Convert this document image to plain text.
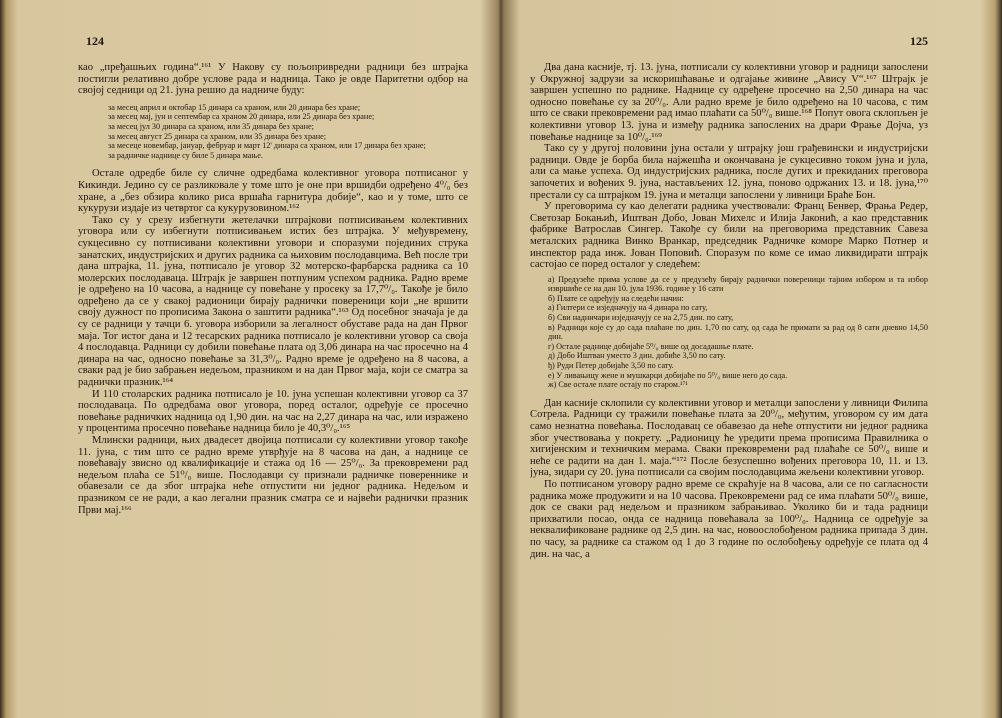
124

као „пређашњих година“.¹⁶¹ У Накову су пољопривредни радници без штрајка постигли релативно добре услове рада и надница. Тако је овде Паритетни одбор на својој седници од 21. јуна решио да надниче буду:

за месец април и октобар 15 динара са храном, или 20 динара без хране;

за месец мај, јун и септембар са храном 20 динара, или 25 динара без хране;

за месец јул 30 динара са храном, или 35 динара без хране;

за месец август 25 динара са храном, или 35 динара без хране;

за месеце новембар, јануар, фебруар и март 12' динара са храном, или 17 динара без хране;

за радничке наднице су биле 5 динара мање.

Остале одредбе биле су сличне одредбама колективног уговора потписаног у Кикинди. Једино су се разликовале у томе што је оне при вршидби одређено 4⁰/₀ без хране, а „без обзира колико риса вршаћа гарнитура добије“, као и у томе, што се кукурузи издаје из четвртог са кукурузовином.¹⁶²

Тако су у срезу избегнути жетелачки штрајкови потписивањем колективних уговора или су избегнути потписивањем истих без штрајка. У међувремену, сукцесивно су потписивани колективни уговори и споразуми појединих струка занатских, индустријских и других радника са њиховим послодавцима. Већ после три дана штрајка, 11. јуна, потписало је уговор 32 мотерско-фарбарска радника са 10 молерских послодаваца. Штрајк је завршен потпуним успехом радника. Радно време је одређено на 10 часова, а наднице су повећане у просеку за 17,7⁰/₀. Такође је било одређено да се у свакој радионици бирају раднички повереници који „не вршити своју дужност по прописима Закона о заштити радника“.¹⁶³ Од посебног значаја је да су се радници у тачци 6. уговора изборили за легалност обуставе рада на дан Првог маја. Тог истог дана и 12 тесарских радника потписало је колективни уговор са своја 4 послодавца. Радници су добили повећање плата од 3,06 динара на час просечно на 4 динара на час, односно повећање за 31,3⁰/₀. Радно време је одређено на 8 часова, а сваки рад је био забрањен недељом, празником и на дан Првог маја, који се сматра за раднички празник.¹⁶⁴

И 110 столарских радника потписало је 10. јуна успешан колективни уговор са 37 послодаваца. По одредбама овог уговора, поред осталог, одређује се просечно повећање радничких надница од 1,90 дин. на час на 2,27 динара на час, или изражено у процентима просечно повећање надница било је 40,3⁰/₀.¹⁶⁵

Млински радници, њих двадесет двојица потписали су колективни уговор такође 11. јуна, с тим што се радно време утврђује на 8 часова на дан, а наднице се повећавају звисно од квалификације и стажа од 16 — 25⁰/₀. За прековремени рад недељом плаћа се 51⁰/₀ више. Послодавци су признали радничке повереннике и обавезали се да због штрајка неће отпустити ни једног радника. Недељом и празником се не ради, а као легални празник сматра се и највећи раднички празник Први мај.¹⁶⁶

125

Два дана касније, тј. 13. јуна, потписали су колективни уговор и радници запослени у Окружној задрузи за искоришћавање и одгајање живине „Авису V“.¹⁶⁷ Штрајк је завршен успешно по раднике. Наднице су одређене просечно на 2,50 динара на час односно повећање су за 20⁰/₀. Али радно време је било одређено на 10 часова, с тим што се сваки прековремени рад имао плаћати са 50⁰/₀ више.¹⁶⁸ Попут овога склопљен је колективни уговор 13. јуна и између радника запослених на драри Фрање Дојча, уз повећање наднице за 10⁰/₀.¹⁶⁹

Тако су у другој половини јуна остали у штрајку још грађевински и индустријски радници. Овде је борба била најжешћа и окончавана је сукцесивно током јуна и јула, али са мање успеха. Од индустријских радника, после дугих и прекиданих преговора започетих и вођених 9. јуна, настављених 12. јуна, поново одржаних 13. и 18. јуна,¹⁷⁰ престали су са штрајком 19. јуна и металци запослени у ливници Браће Бон.

У преговорима су као делегати радника учествовали: Франц Бенвер, Фрања Редер, Светозар Бокањић, Иштван Добо, Јован Михелс и Илија Јаконић, а као представник фабрике Ватрослав Сингер. Такође су били на преговорима представник Савеза металских радника Винко Вранкар, председник Радничке коморе Марко Потнер и инспектор рада инж. Јован Поповић. Споразум по коме се имао ликвидирати штрајк састојао се поред осталог у следећем:

а) Предузеће прима услове да се у предузећу бирају раднички повереници тајним избором и та избор извршиће се на дан 10. јула 1936. године у 16 сати

б) Плате се одређују на следећи начин:

а) Гилтери се изједначују на 4 динара по сату,

б) Сви надничари изједначују се на 2,75 дин. по сату,

в) Радници које су до сада плаћане по дин. 1,70 по сату, од сада ће примати за рад од 8 сати дневно 14,50 дин.

г) Остале раднице добијаће 5⁰/₀ више од досадашње плате.

д) Добо Иштван уместо 3 дин. добиће 3,50 по сату.

ђ) Руди Петер добијаће 3,50 по сату.

е) У ливањицу жене и мушкарци добијаће по 5⁰/₀ више него до сада.

ж) Све остале плате остају по старом.¹⁷¹

Дан касније склопили су колективни уговор и металци запослени у ливници Филипа Сотрела. Радници су тражили повећање плата за 20⁰/₀, међутим, уговором су им дата само незнатна повећања. Послодавац се обавезао да неће отпустити ни једног радника због учествовања у покрету. „Радионицу ће уредити према прописима Правилника о хигијенским и техничким мерама. Сваки прековремени рад плаћаће се 50⁰/₀ више и неће се радити на дан 1. маја.“¹⁷² После безуспешно вођених преговора 10, 11. и 13. јуна, зидари су 20. јуна потписали са својим послодавцима жељени колективни уговор.

По потписаном уговору радно време се скраћује на 8 часова, али се по сагласности радника може продужити и на 10 часова. Прековремени рад се има плаћати 50⁰/₀ више, док се сваки рад недељом и празником забрањивао. Уколико би и тада радници прихватили посао, онда се надница повећавала за 100⁰/₀. Надница се одређује за неквалификоване раднике од 2,5 дин. на час, новоослобођеном радника припада 3 дин. по часу, за раднике са стажом од 1 до 3 године по ослобођењу одређује се плата од 4 дин. на час, а
